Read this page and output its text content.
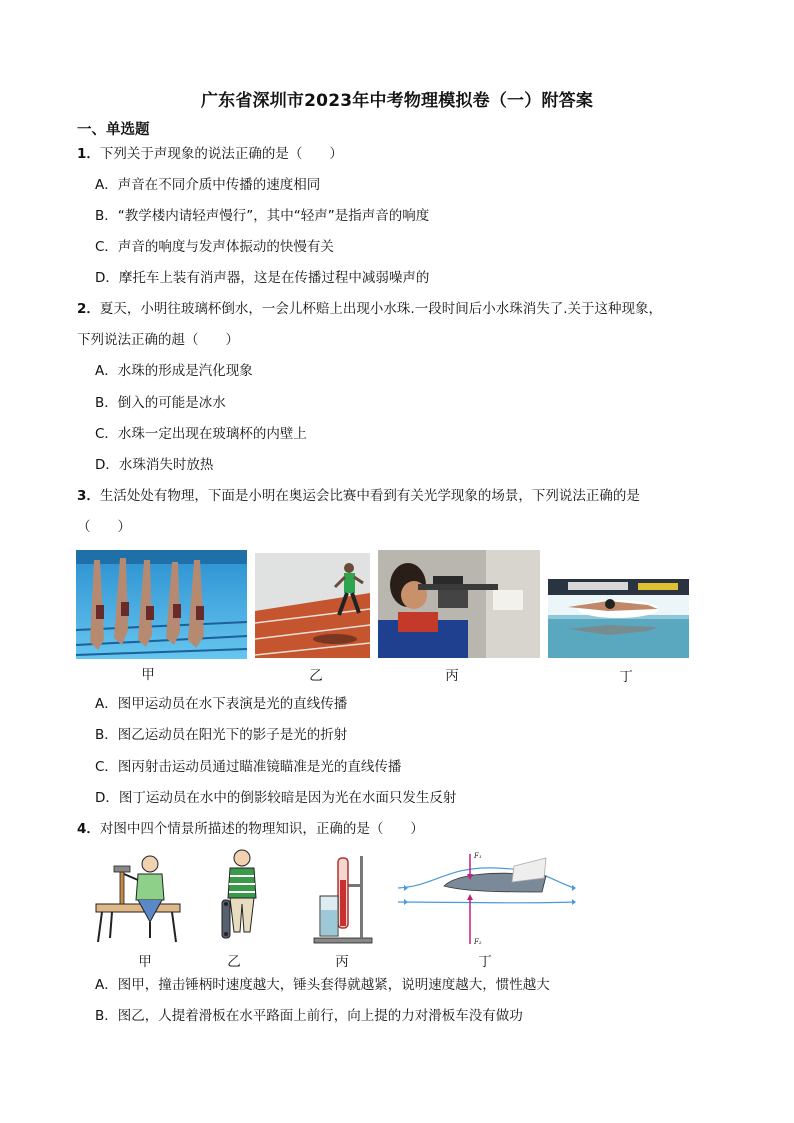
广东省深圳市2023年中考物理模拟卷（一）附答案
一、单选题
1．下列关于声现象的说法正确的是（　　）
A．声音在不同介质中传播的速度相同
B．“教学楼内请轻声慢行”，其中“轻声”是指声音的响度
C．声音的响度与发声体振动的快慢有关
D．摩托车上装有消声器，这是在传播过程中减弱噪声的
2．夏天，小明往玻璃杯倒水，一会儿杯赔上出现小水珠.一段时间后小水珠消失了.关于这种现象，
下列说法正确的趄（　　）
A．水珠的形成是汽化现象
B．倒入的可能是冰水
C．水珠一定出现在玻璃杯的内壁上
D．水珠消失时放热
3．生活处处有物理，下面是小明在奥运会比赛中看到有关光学现象的场景，下列说法正确的是
（　　）
甲	乙	丙	丁
A．图甲运动员在水下表演是光的直线传播
B．图乙运动员在阳光下的影子是光的折射
C．图丙射击运动员通过瞄准镜瞄准是光的直线传播
D．图丁运动员在水中的倒影较暗是因为光在水面只发生反射
4．对图中四个情景所描述的物理知识，正确的是（　　）
F₁
F₂
甲	乙	丙	丁
A．图甲，撞击锤柄时速度越大，锤头套得就越紧，说明速度越大，惯性越大
B．图乙，人提着滑板在水平路面上前行，向上提的力对滑板车没有做功
